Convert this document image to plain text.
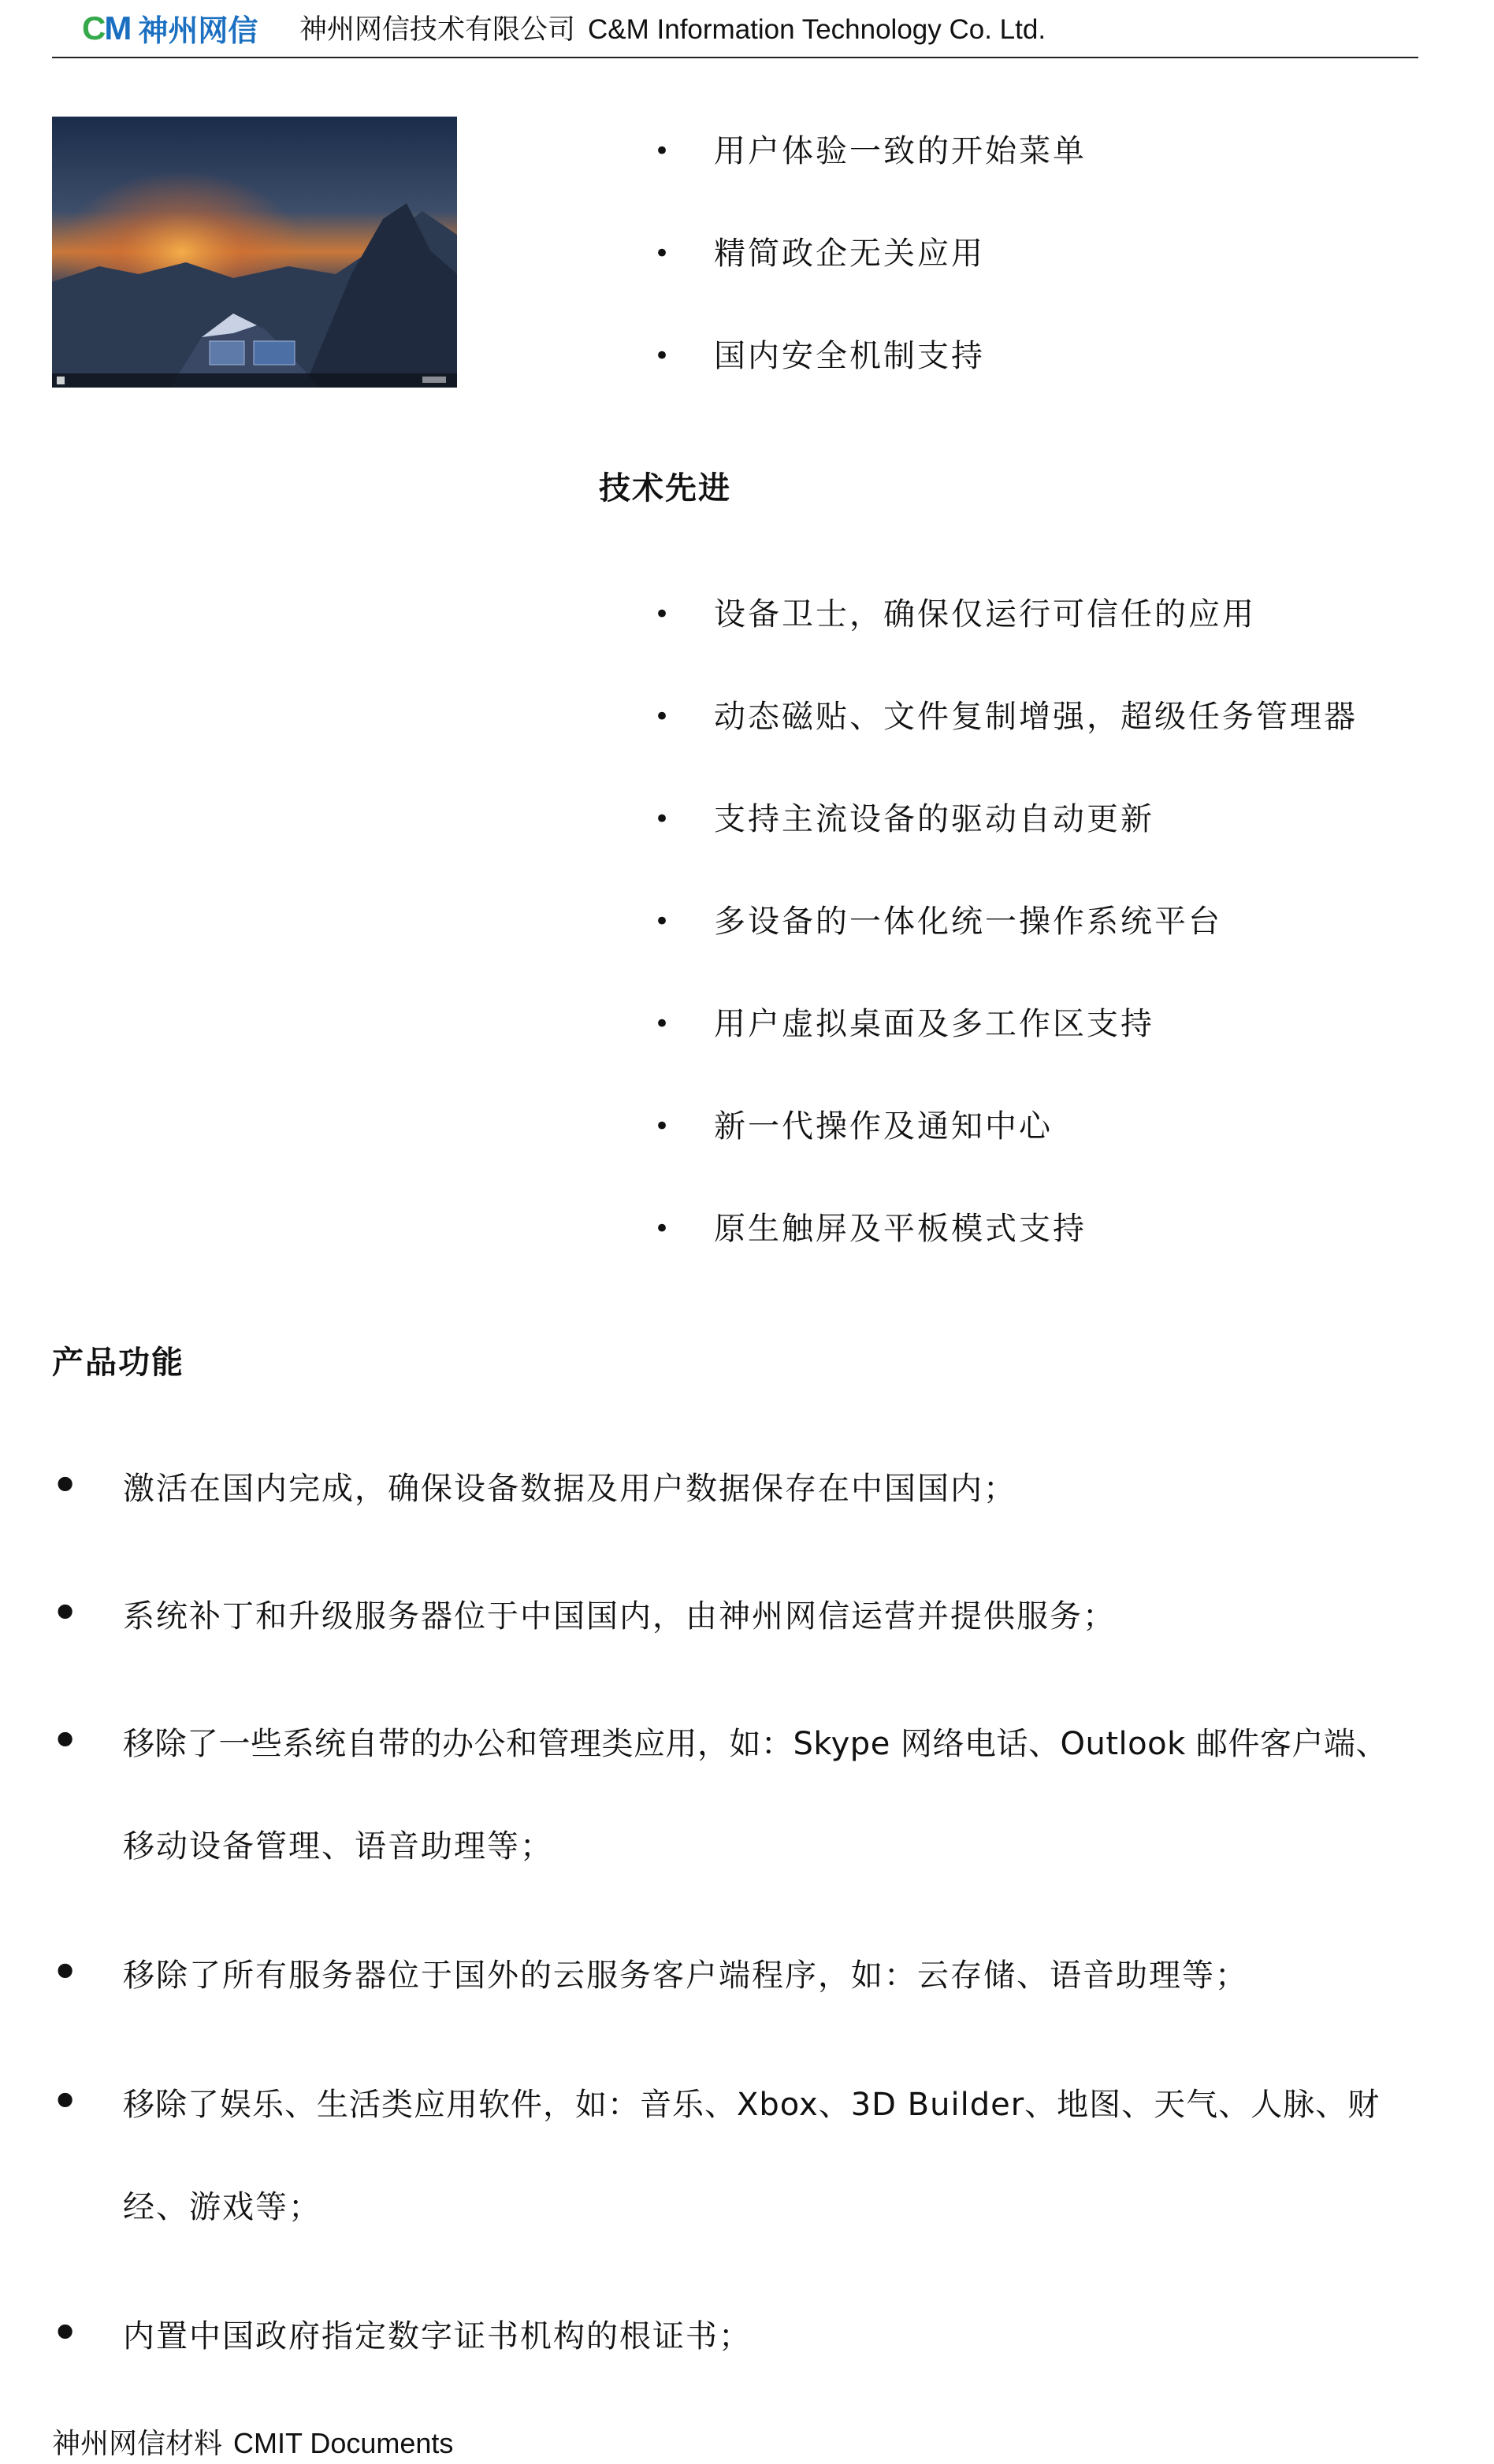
CM 神州网信 神州网信技术有限公司 C&M Information Technology Co. Ltd.
• 用户体验一致的开始菜单
• 精简政企无关应用
• 国内安全机制支持
技术先进
• 设备卫士，确保仅运行可信任的应用
• 动态磁贴、文件复制增强，超级任务管理器
• 支持主流设备的驱动自动更新
• 多设备的一体化统一操作系统平台
• 用户虚拟桌面及多工作区支持
• 新一代操作及通知中心
• 原生触屏及平板模式支持
产品功能
• 激活在国内完成，确保设备数据及用户数据保存在中国国内；
• 系统补丁和升级服务器位于中国国内，由神州网信运营并提供服务；
• 移除了一些系统自带的办公和管理类应用，如：Skype 网络电话、Outlook 邮件客户端、
移动设备管理、语音助理等；
• 移除了所有服务器位于国外的云服务客户端程序，如：云存储、语音助理等；
• 移除了娱乐、生活类应用软件，如：音乐、Xbox、3D Builder、地图、天气、人脉、财
经、游戏等；
• 内置中国政府指定数字证书机构的根证书；
神州网信材料 CMIT Documents
